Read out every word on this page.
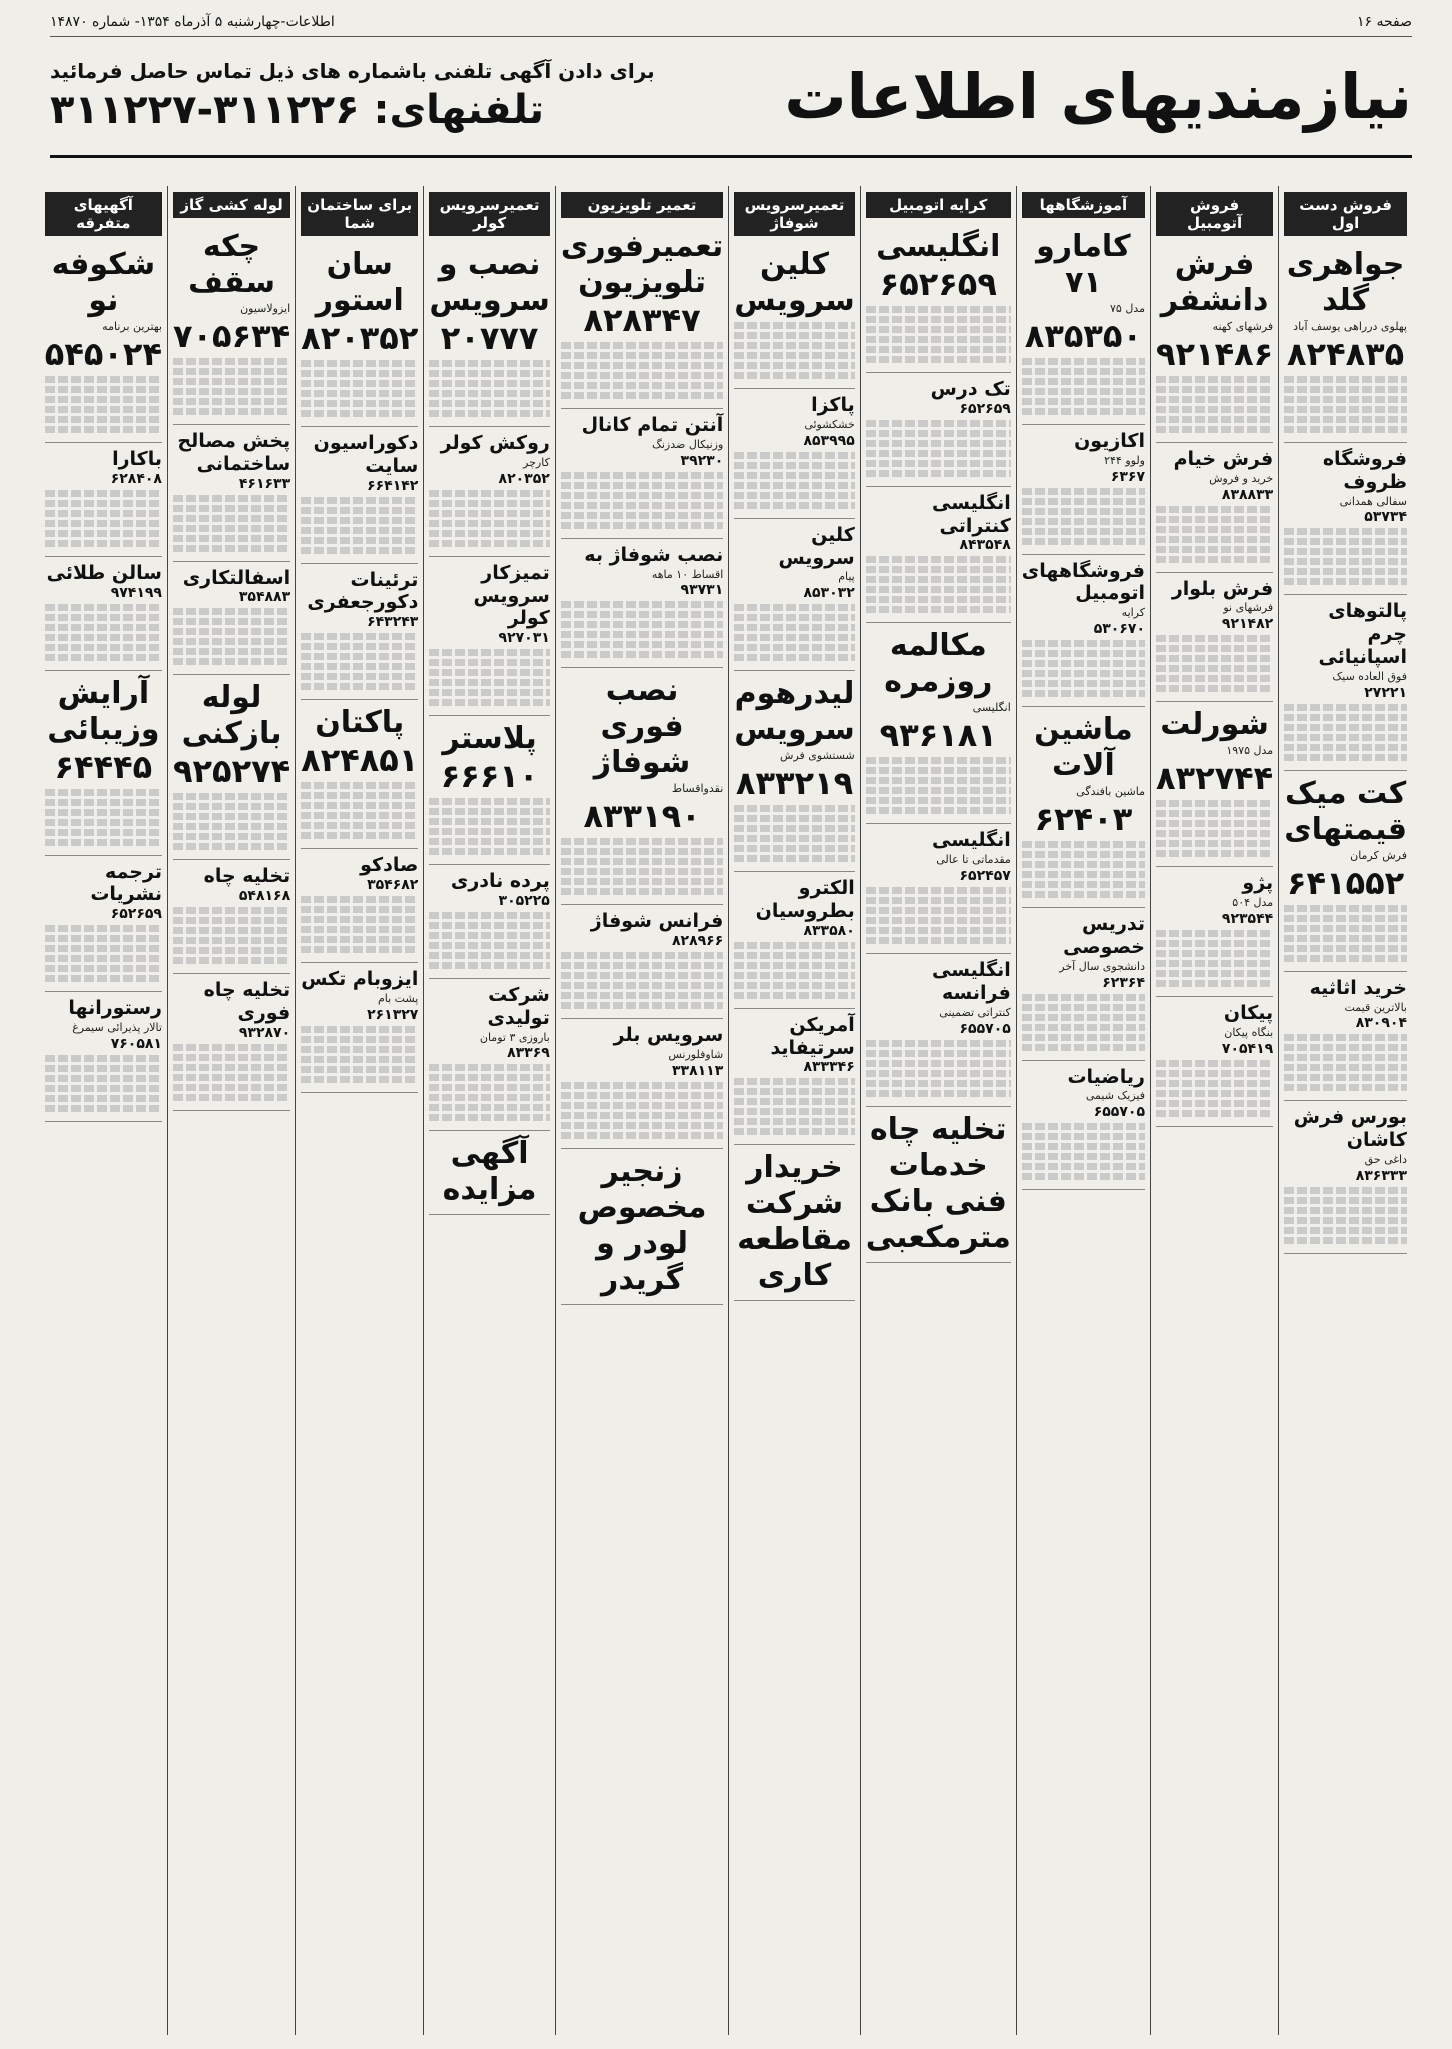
صفحه ۱۶
اطلاعات-چهارشنبه ۵ آذرماه ۱۳۵۴- شماره ۱۴۸۷۰
نیازمندیهای اطلاعات
برای دادن آگهی تلفنی باشماره های ذیل تماس حاصل فرمائید
تلفنهای: ۳۱۱۲۲۶-۳۱۱۲۲۷
فروش دست اول
جواهری گلد
پهلوی درراهی یوسف آباد
۸۲۴۸۳۵
فروشگاه ظروف
سفالی همدانی
۵۳۷۳۴
پالتوهای چرم اسپانیائی
فوق العاده سیک
۲۷۲۲۱
کت میک قیمتهای
فرش کرمان
۶۴۱۵۵۲
خرید اثاثیه
بالاترین قیمت
۸۳۰۹۰۴
بورس فرش کاشان
داغی حق
۸۳۶۳۳۳
فروش آتومبیل
فرش دانشفر
فرشهای کهنه
۹۲۱۴۸۶
فرش خیام
خرید و فروش
۸۳۸۸۳۳
فرش بلوار
فرشهای نو
۹۲۱۴۸۲
شورلت
مدل ۱۹۷۵
۸۳۲۷۴۴
پژو
مدل ۵۰۴
۹۲۳۵۴۴
پیکان
بنگاه پیکان
۷۰۵۴۱۹
آموزشگاهها
کامارو ۷۱
مدل ۷۵
۸۳۵۳۵۰
اکازیون
ولوو ۲۴۴
۶۳۶۷
فروشگاههای اتومبیل
کرایه
۵۳۰۶۷۰
ماشین آلات
ماشین بافندگی
۶۲۴۰۳
تدریس خصوصی
دانشجوی سال آخر
۶۲۳۶۴
ریاضیات
فیزیک شیمی
۶۵۵۷۰۵
کرایه اتومبیل
انگلیسی
۶۵۲۶۵۹
تک درس
۶۵۲۶۵۹
انگلیسی کنتراتی
۸۴۳۵۴۸
مکالمه روزمره
انگلیسی
۹۳۶۱۸۱
انگلیسی
مقدماتی تا عالی
۶۵۲۴۵۷
انگلیسی فرانسه
کنتراتی تضمینی
۶۵۵۷۰۵
تخلیه چاه خدمات فنی بانک مترمکعبی
تعمیرسرویس شوفاژ
کلین سرویس
پاکزا
خشکشوئی
۸۵۳۹۹۵
کلین سرویس
پیام
۸۵۳۰۳۲
لیدرهوم سرویس
شستشوی فرش
۸۳۳۲۱۹
الکترو بطروسیان
۸۳۳۵۸۰
آمریکن سرتیفاید
۸۳۳۳۴۶
خریدار شرکت مقاطعه کاری
تعمیر تلویزیون
تعمیرفوری تلویزیون
۸۲۸۳۴۷
آنتن تمام کانال
وزنیکال ضدزنگ
۳۹۲۳۰
نصب شوفاژ به
اقساط ۱۰ ماهه
۹۳۷۳۱
نصب فوری شوفاژ
نقدواقساط
۸۳۳۱۹۰
فرانس شوفاژ
۸۲۸۹۶۶
سرویس بلر
شاوفلورنس
۳۳۸۱۱۳
زنجیر مخصوص لودر و گریدر
تعمیرسرویس کولر
نصب و سرویس
۲۰۷۷۷
روکش کولر
کارچر
۸۲۰۳۵۲
تمیزکار سرویس کولر
۹۲۷۰۳۱
پلاستر
۶۶۶۱۰
پرده نادری
۳۰۵۲۲۵
شرکت تولیدی
باروزی ۳ تومان
۸۳۳۶۹
آگهی مزایده
برای ساختمان شما
سان استور
۸۲۰۳۵۲
دکوراسیون سایت
۶۶۴۱۴۲
ترئینات دکورجعفری
۶۴۳۲۴۳
پاکتان
۸۲۴۸۵۱
صادکو
۳۵۴۶۸۲
ایزوبام تکس
پشت بام
۲۶۱۳۲۷
لوله کشی گاز
چکه سقف
ایزولاسیون
۷۰۵۶۳۴
پخش مصالح ساختمانی
۴۶۱۶۳۳
اسفالتکاری
۳۵۴۸۸۳
لوله بازکنی
۹۲۵۲۷۴
تخلیه چاه
۵۴۸۱۶۸
تخلیه چاه فوری
۹۳۲۸۷۰
آگهیهای متفرقه
شکوفه نو
بهترین برنامه
۵۴۵۰۲۴
باکارا
۶۲۸۴۰۸
سالن طلائی
۹۷۴۱۹۹
آرایش وزیبائی
۶۴۴۴۵
ترجمه نشریات
۶۵۲۶۵۹
رستورانها
تالار پذیرائی سیمرغ
۷۶۰۵۸۱
